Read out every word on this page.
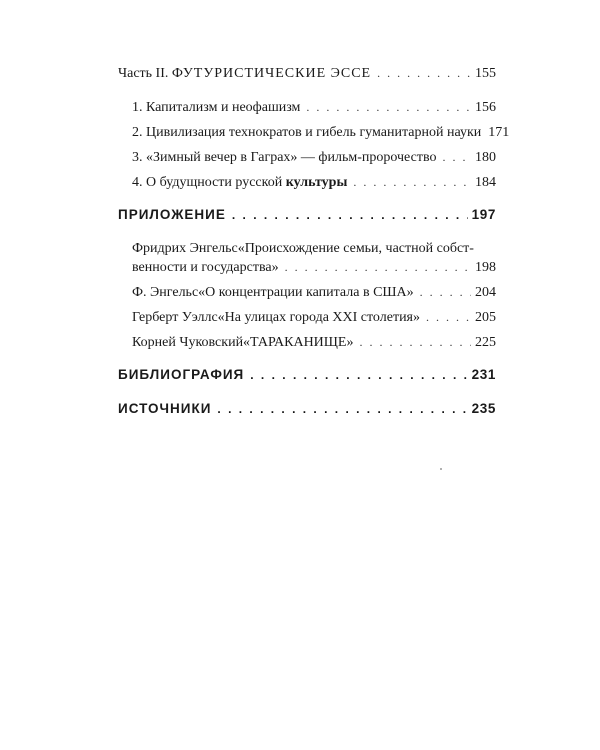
Часть II. ФУТУРИСТИЧЕСКИЕ ЭССЕ . . .	155
1. Капитализм и неофашизм . . .	156
2. Цивилизация технократов и гибель гуманитарной науки 171
3. «Зимный вечер в Гаграх» — фильм-пророчество . . .	180
4. О будущности русской культуры . . .	184
ПРИЛОЖЕНИЕ . . .	197
Фридрих Энгельс«Происхождение семьи, частной собст-
венности и государства» . . .	198
Ф. Энгельс«О концентрации капитала в США» . . .	204
Герберт Уэллс«На улицах города XXI столетия» . . .	205
Корней Чуковский«ТАРАКАНИЩЕ» . . .	225
БИБЛИОГРАФИЯ . . .	231
ИСТОЧНИКИ . . .	235
